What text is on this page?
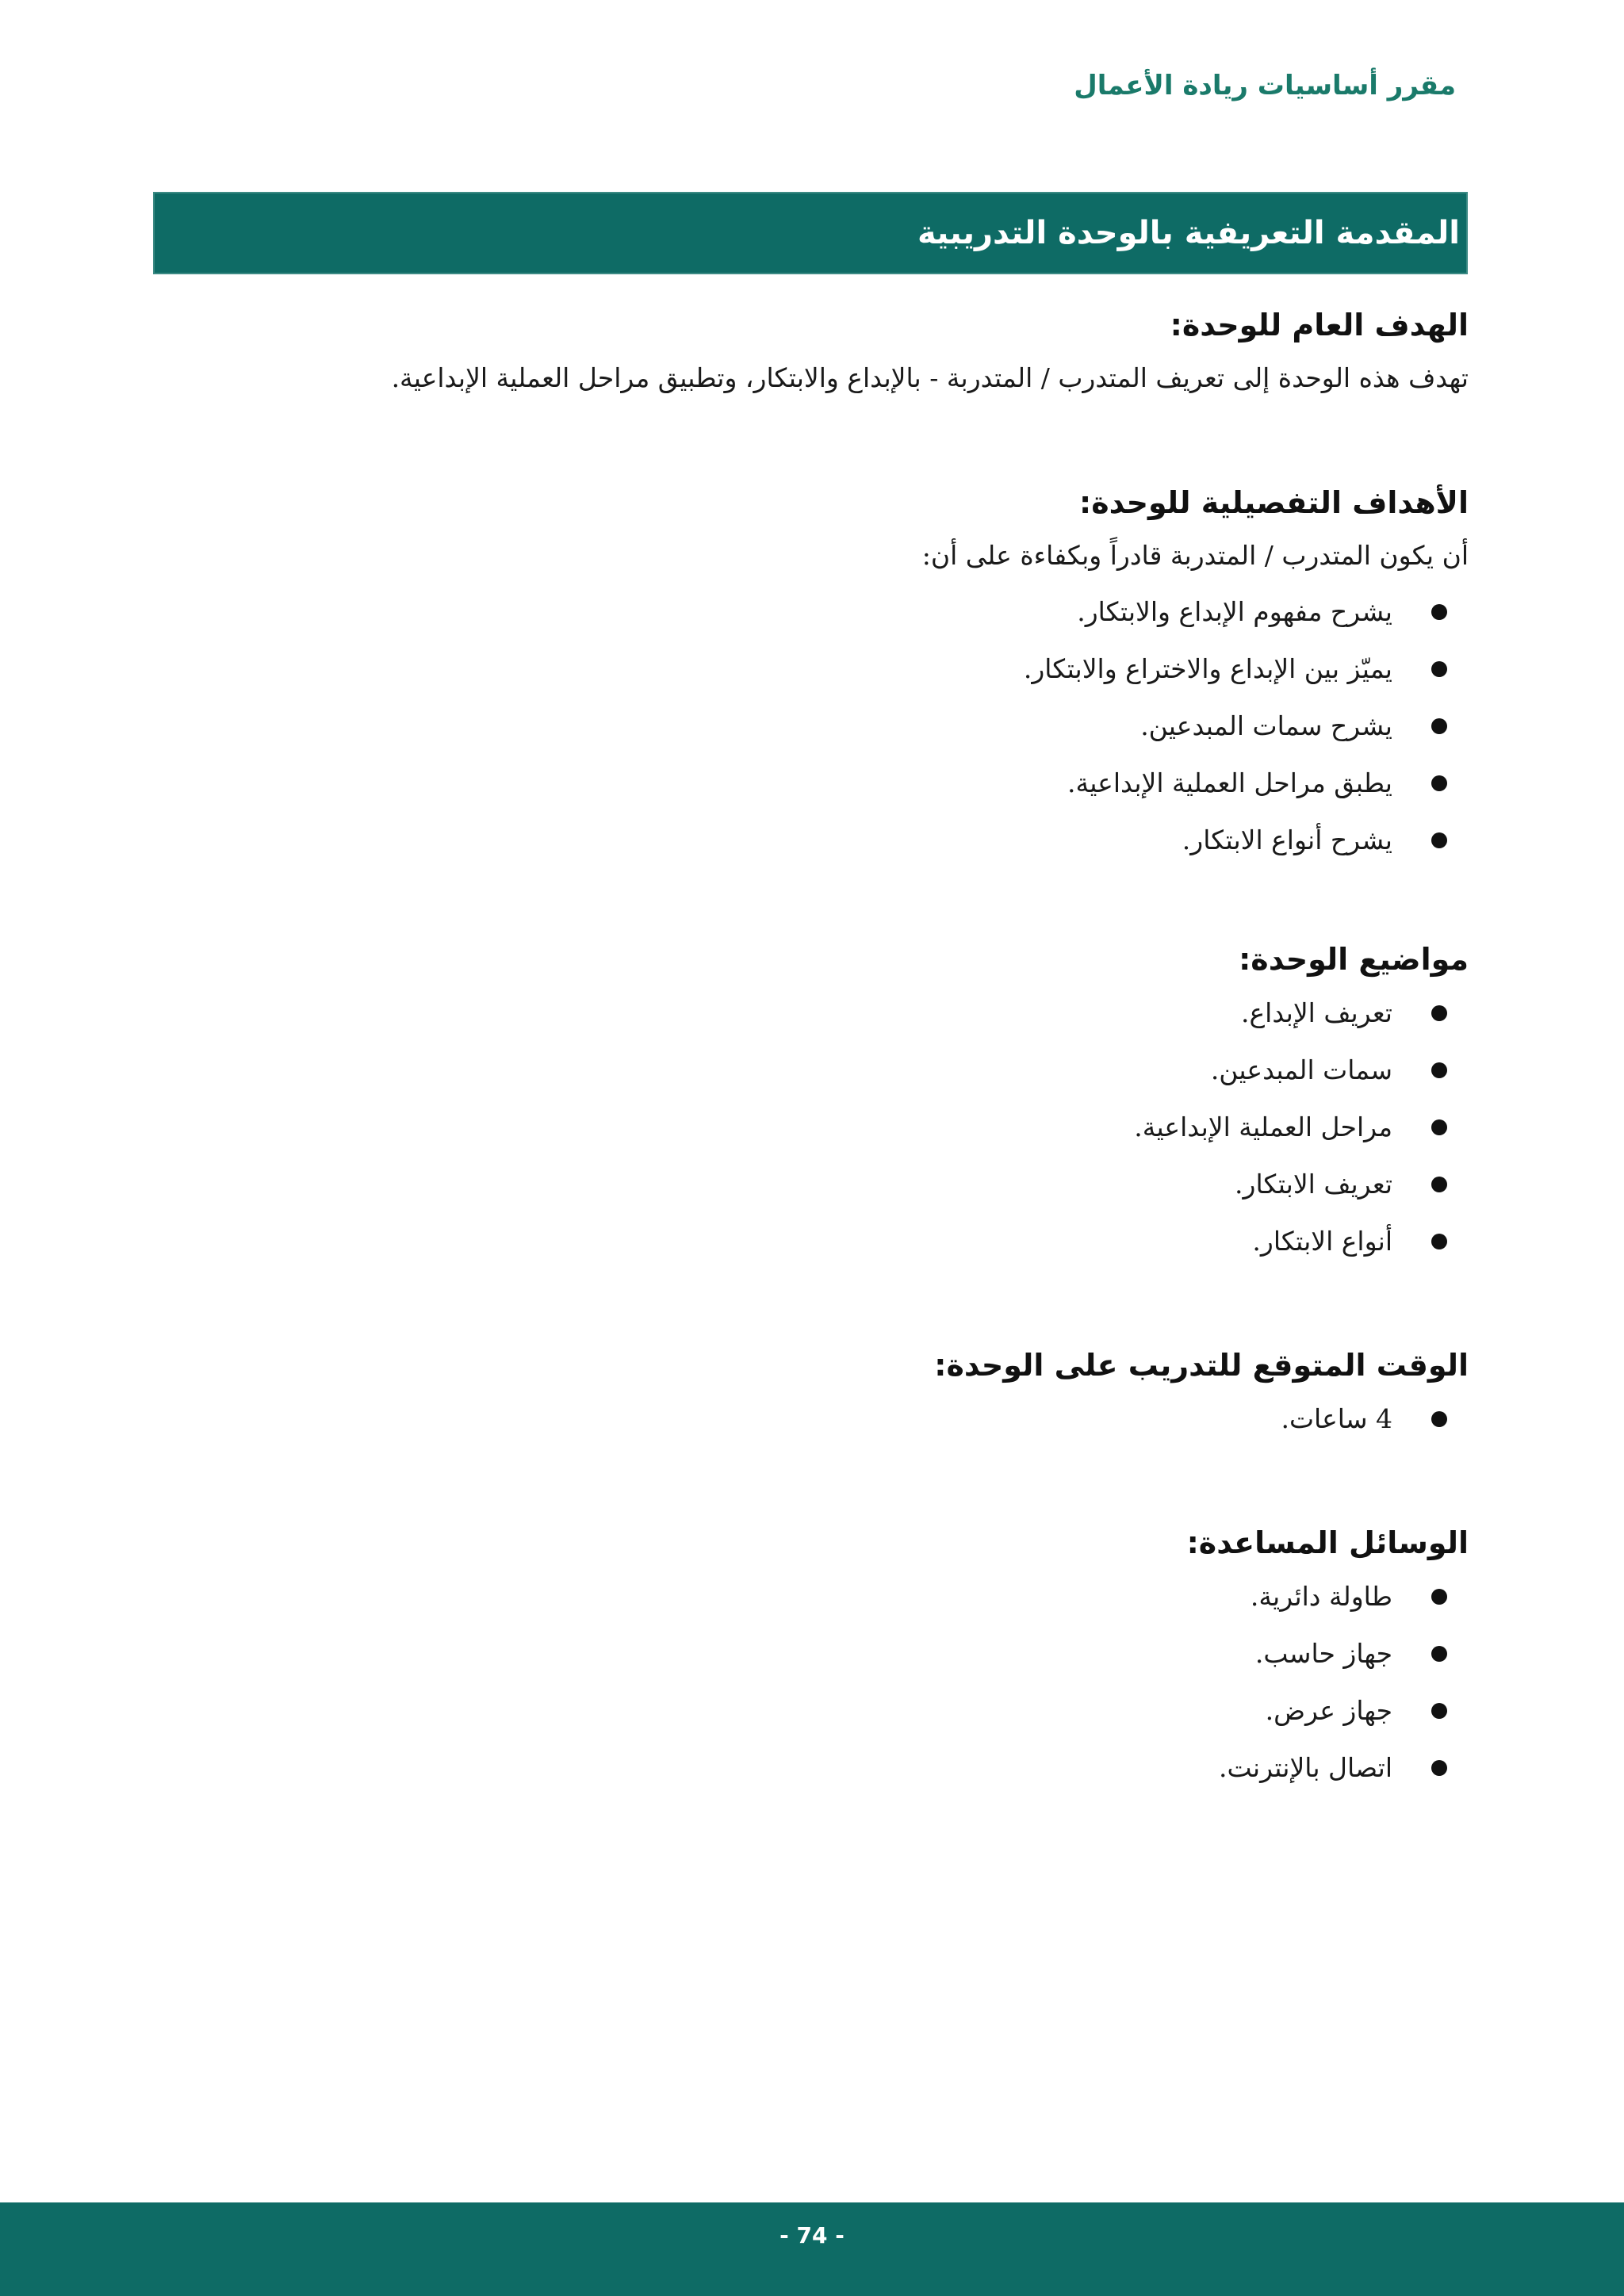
مقرر أساسيات ريادة الأعمال
المقدمة التعريفية بالوحدة التدريبية
الهدف العام للوحدة:

تهدف هذه الوحدة إلى تعريف المتدرب / المتدربة - بالإبداع والابتكار، وتطبيق مراحل العملية الإبداعية.

الأهداف التفصيلية للوحدة:

أن يكون المتدرب / المتدربة قادراً وبكفاءة على أن:

يشرح مفهوم الإبداع والابتكار.
يميّز بين الإبداع والاختراع والابتكار.
يشرح سمات المبدعين.
يطبق مراحل العملية الإبداعية.
يشرح أنواع الابتكار.
مواضيع الوحدة:
تعريف الإبداع.
سمات المبدعين.
مراحل العملية الإبداعية.
تعريف الابتكار.
أنواع الابتكار.
الوقت المتوقع للتدريب على الوحدة:
4 ساعات.
الوسائل المساعدة:
طاولة دائرية.
جهاز حاسب.
جهاز عرض.
اتصال بالإنترنت.
- 74 -
